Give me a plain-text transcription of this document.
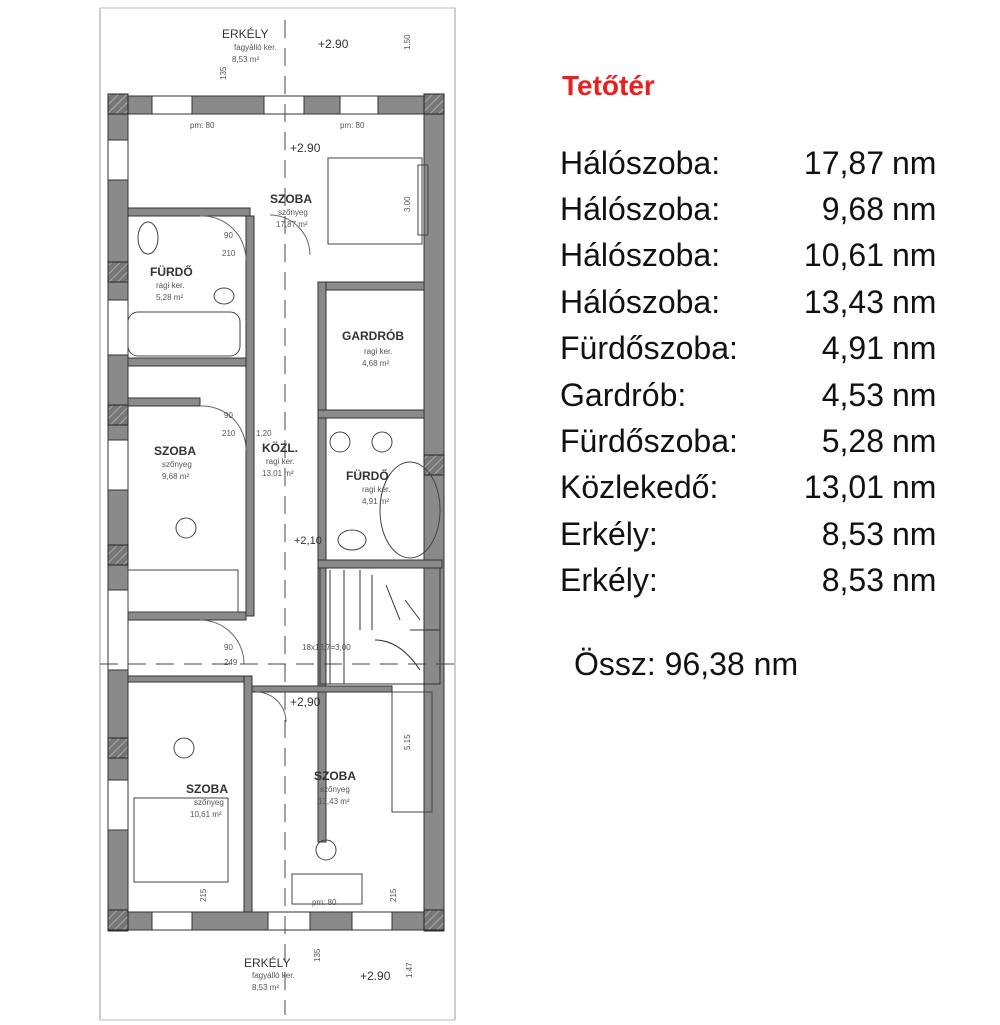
ERKÉLY
fagyálló ker.
8,53 m²
+2.90
SZOBA
szőnyeg
17,87 m²
+2.90
FÜRDŐ
ragi ker.
5,28 m²
GARDRÓB
ragi ker.
4,68 m²
SZOBA
szőnyeg
9,68 m²
KÖZL.
ragi ker.
13,01 m²
+2,10
FÜRDŐ
ragi ker.
4,91 m²
18x16,7=3,00
SZOBA
szőnyeg
13,43 m²
+2,90
SZOBA
szőnyeg
10,61 m²
ERKÉLY
fagyálló ker.
8,53 m²
+2.90
pm: 80	pm: 80
pm: 80
90
210
90
210	1,20
90
249
1.50
3.00
5.15
1.47
215	215
135
135
Tetőtér
Hálószoba:	17,87 nm
Hálószoba:	9,68 nm
Hálószoba:	10,61 nm
Hálószoba:	13,43 nm
Fürdőszoba:	4,91 nm
Gardrób:	4,53 nm
Fürdőszoba:	5,28 nm
Közlekedő:	13,01 nm
Erkély:	8,53 nm
Erkély:	8,53 nm
Össz: 96,38 nm
